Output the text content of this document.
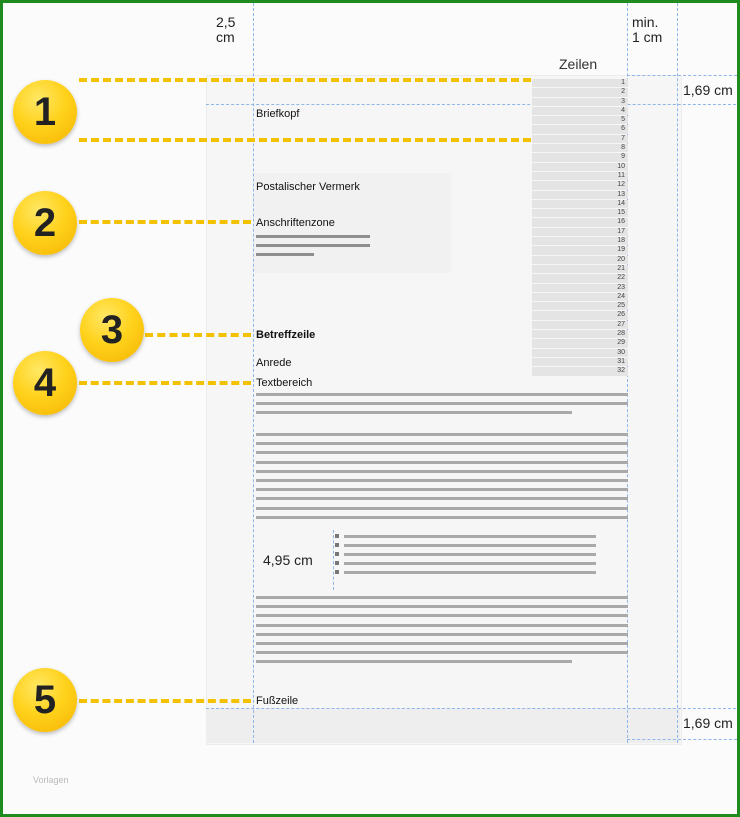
2,5
cm
min.
1 cm
1,69 cm
1,69 cm
4,95 cm
Zeilen
1
2
3
4
5
6
7
8
9
10
11
12
13
14
15
16
17
18
19
20
21
22
23
24
25
26
27
28
29
30
31
32
Briefkopf
Postalischer Vermerk
Anschriftenzone
Betreffzeile
Anrede
Textbereich
Fußzeile
1
2
3
4
5
Vorlagen
